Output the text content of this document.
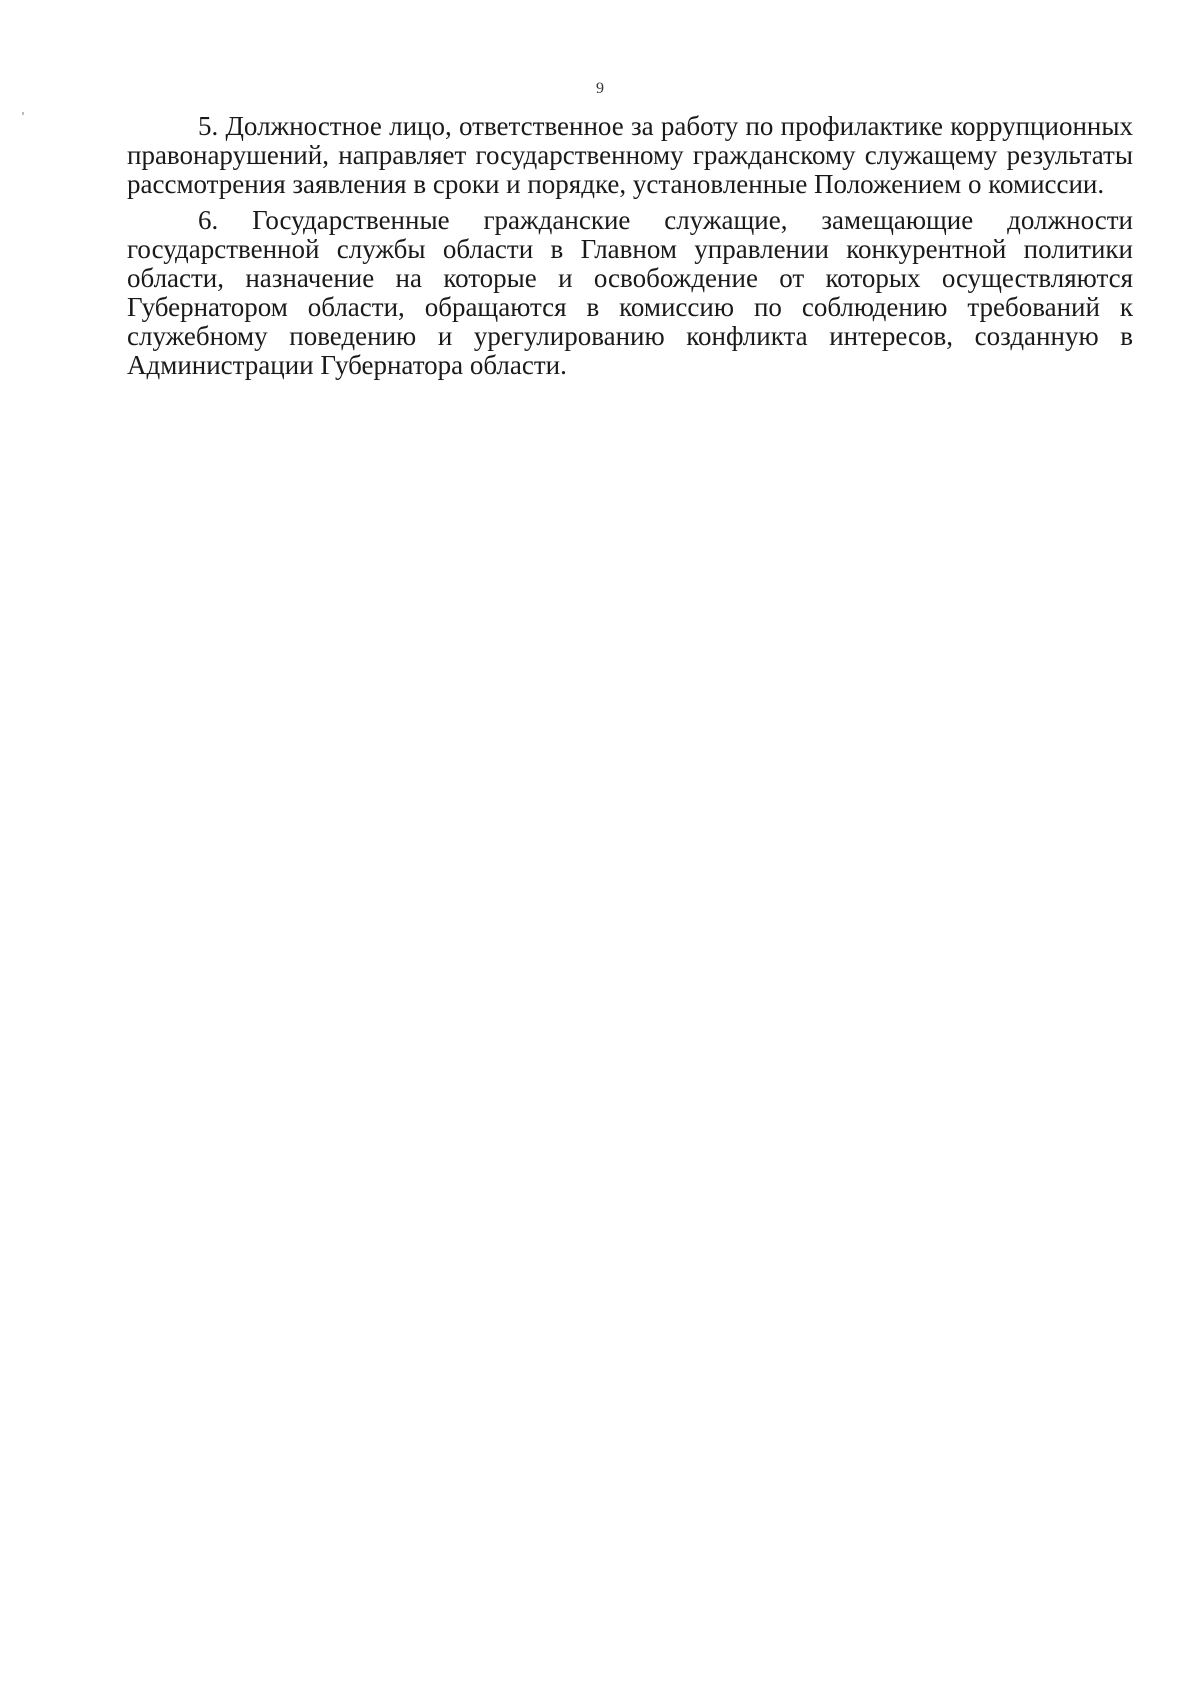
9

5. Должностное лицо, ответственное за работу по профилактике коррупционных правонарушений, направляет государственному гражданскому служащему результаты рассмотрения заявления в сроки и порядке, установленные Положением о комиссии.

6. Государственные гражданские служащие, замещающие должности государственной службы области в Главном управлении конкурентной политики области, назначение на которые и освобождение от которых осуществляются Губернатором области, обращаются в комиссию по соблюдению требований к служебному поведению и урегулированию конфликта интересов, созданную в Администрации Губернатора области.
